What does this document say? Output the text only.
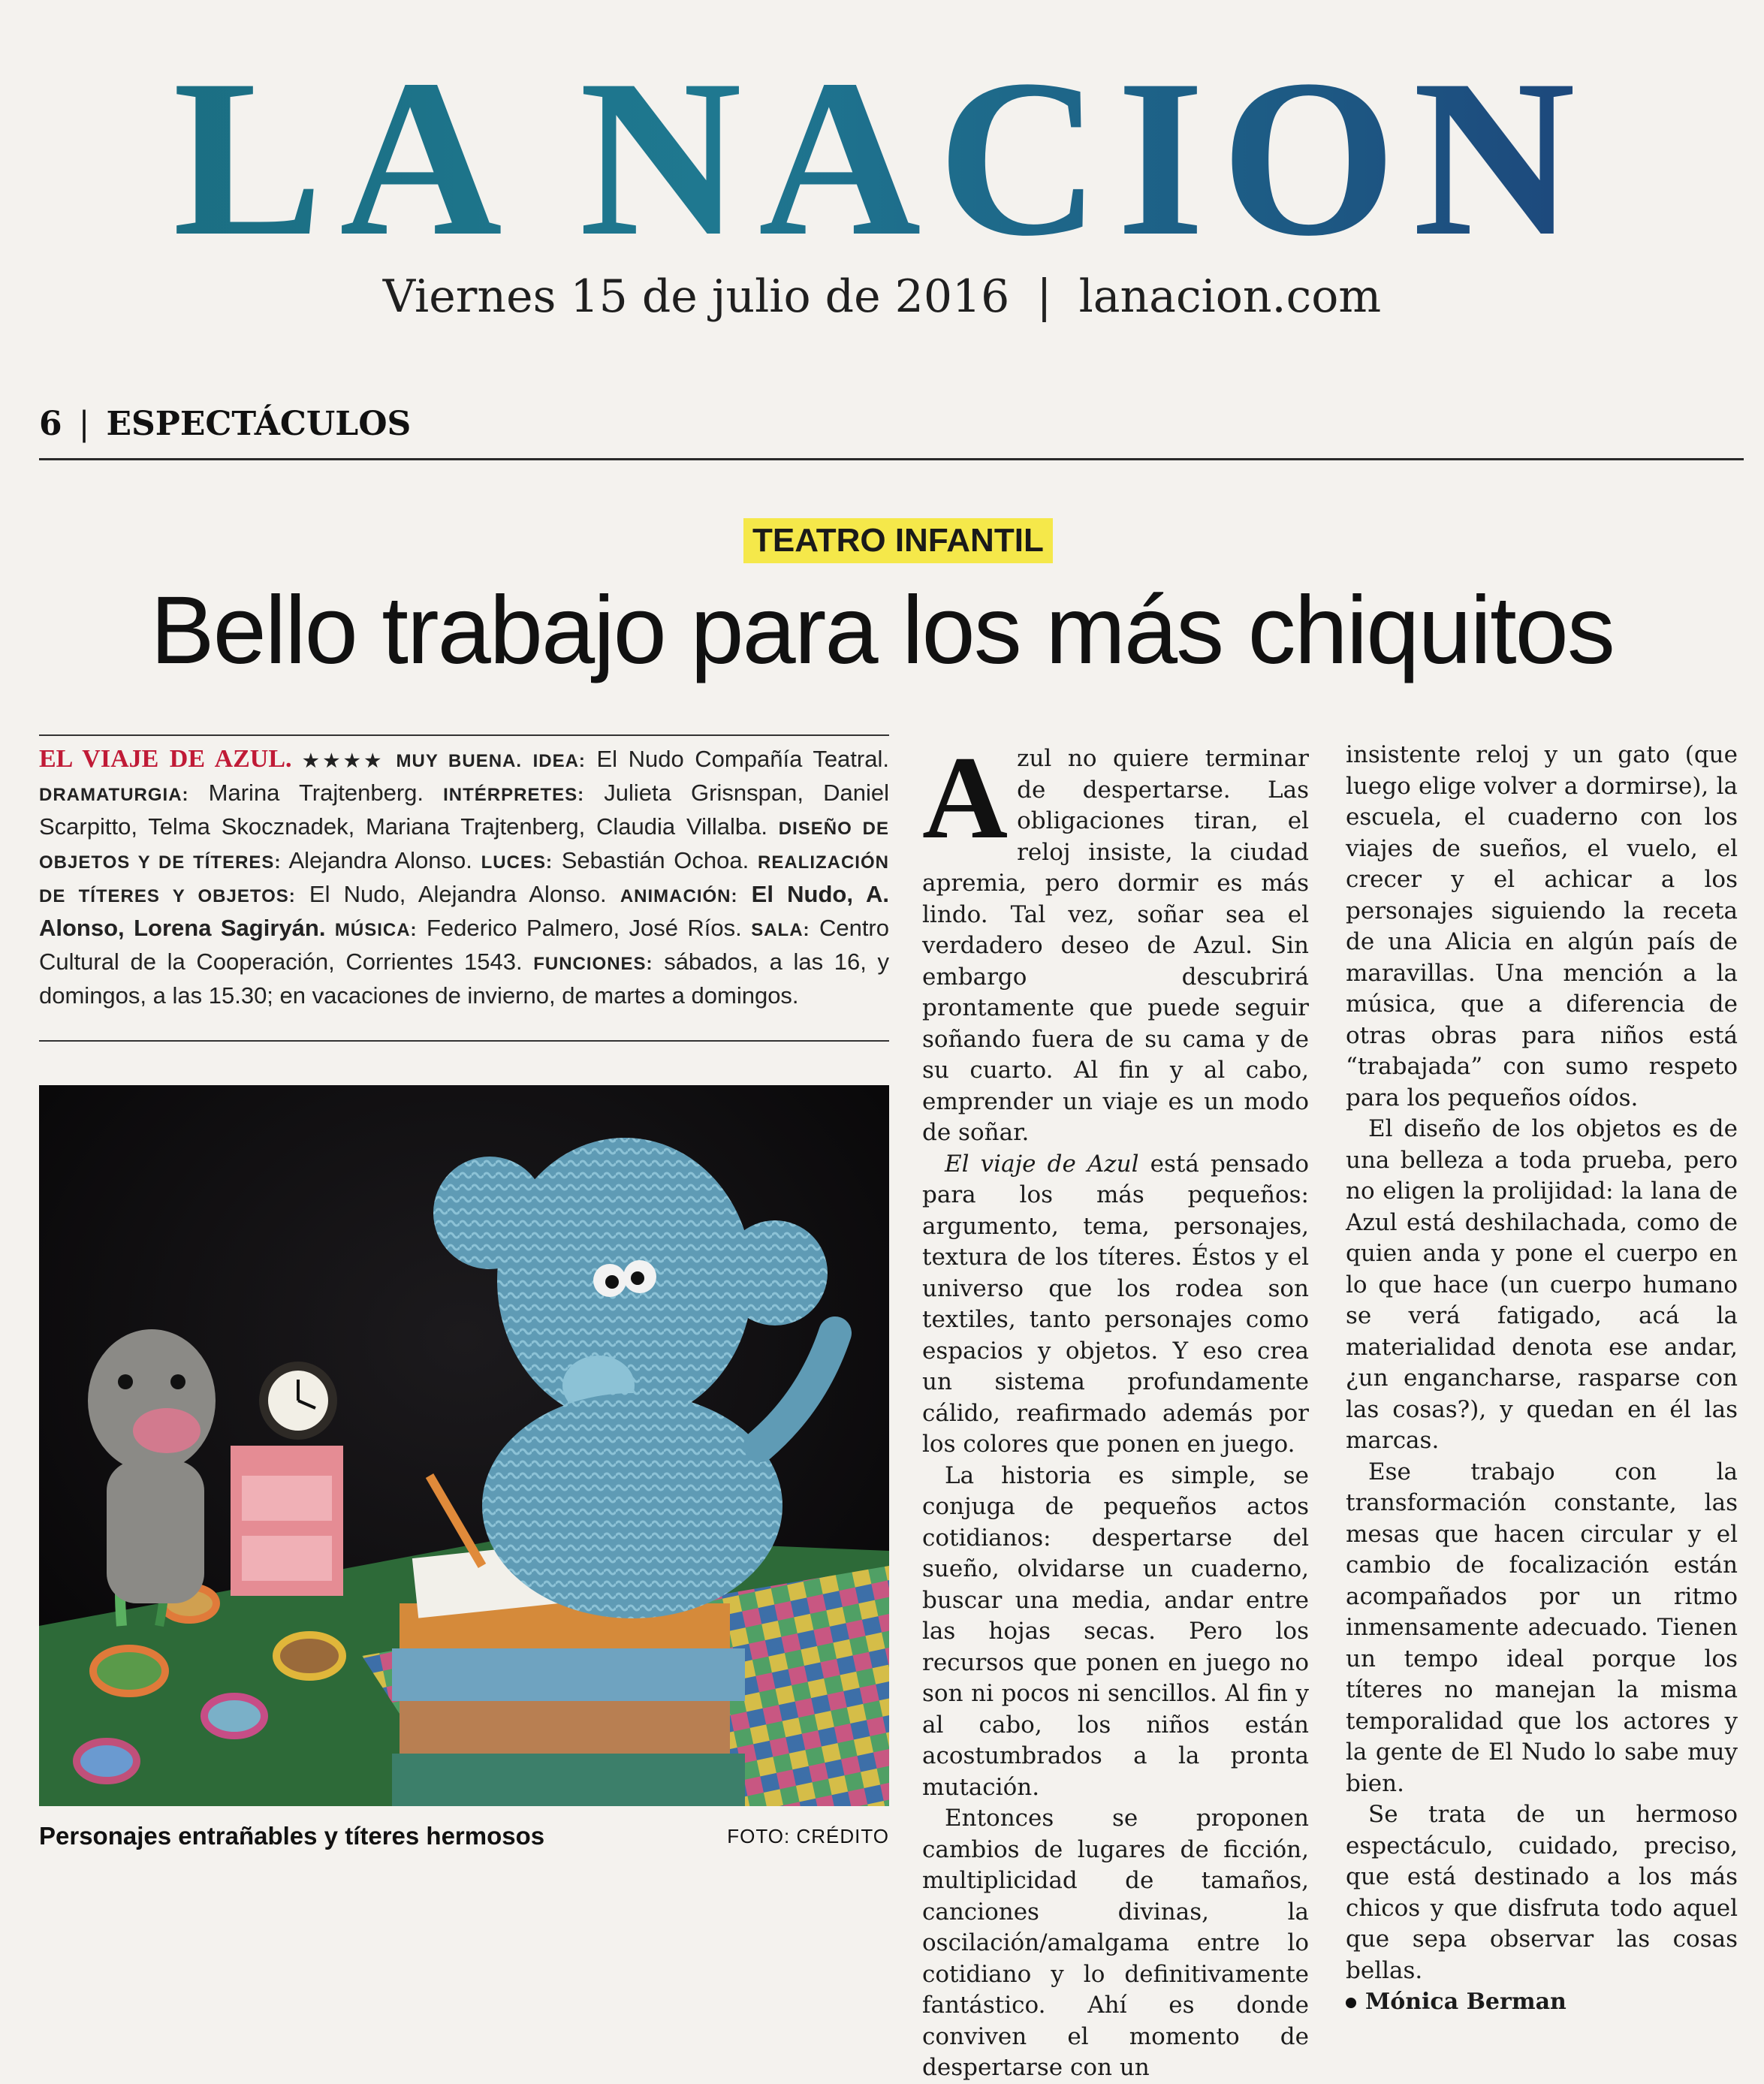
LA NACION
Viernes 15 de julio de 2016 | lanacion.com
6 | ESPECTÁCULOS
TEATRO INFANTIL
Bello trabajo para los más chiquitos
EL VIAJE DE AZUL. ★★★★ MUY BUENA. IDEA: El Nudo Compañía Teatral. DRAMATURGIA: Marina Trajtenberg. INTÉRPRETES: Julieta Grisnspan, Daniel Scarpitto, Telma Skocznadek, Mariana Trajtenberg, Claudia Villalba. DISEÑO DE OBJETOS Y DE TÍTERES: Alejandra Alonso. LUCES: Sebastián Ochoa. REALIZACIÓN DE TÍTERES Y OBJETOS: El Nudo, Alejandra Alonso. ANIMACIÓN: El Nudo, A. Alonso, Lorena Sagiryán. MÚSICA: Federico Palmero, José Ríos. SALA: Centro Cultural de la Cooperación, Corrientes 1543. FUNCIONES: sábados, a las 16, y domingos, a las 15.30; en vacaciones de invierno, de martes a domingos.
Personajes entrañables y títeres hermosos	FOTO: CRÉDITO

Azul no quiere terminar de despertarse. Las obligaciones tiran, el reloj insiste, la ciudad apremia, pero dormir es más lindo. Tal vez, soñar sea el verdadero deseo de Azul. Sin embargo descubrirá prontamente que puede seguir soñando fuera de su cama y de su cuarto. Al fin y al cabo, emprender un viaje es un modo de soñar.

El viaje de Azul está pensado para los más pequeños: argumento, tema, personajes, textura de los títeres. Éstos y el universo que los rodea son textiles, tanto personajes como espacios y objetos. Y eso crea un sistema profundamente cálido, reafirmado además por los colores que ponen en juego.

La historia es simple, se conjuga de pequeños actos cotidianos: despertarse del sueño, olvidarse un cuaderno, buscar una media, andar entre las hojas secas. Pero los recursos que ponen en juego no son ni pocos ni sencillos. Al fin y al cabo, los niños están acostumbrados a la pronta mutación.

Entonces se proponen cambios de lugares de ficción, multiplicidad de tamaños, canciones divinas, la oscilación/amalgama entre lo cotidiano y lo definitivamente fantástico. Ahí es donde conviven el momento de despertarse con un

insistente reloj y un gato (que luego elige volver a dormirse), la escuela, el cuaderno con los viajes de sueños, el vuelo, el crecer y el achicar a los personajes siguiendo la receta de una Alicia en algún país de maravillas. Una mención a la música, que a diferencia de otras obras para niños está “trabajada” con sumo respeto para los pequeños oídos.

El diseño de los objetos es de una belleza a toda prueba, pero no eligen la prolijidad: la lana de Azul está deshilachada, como de quien anda y pone el cuerpo en lo que hace (un cuerpo humano se verá fatigado, acá la materialidad denota ese andar, ¿un engancharse, rasparse con las cosas?), y quedan en él las marcas.

Ese trabajo con la transformación constante, las mesas que hacen circular y el cambio de focalización están acompañados por un ritmo inmensamente adecuado. Tienen un tempo ideal porque los títeres no manejan la misma temporalidad que los actores y la gente de El Nudo lo sabe muy bien.

Se trata de un hermoso espectáculo, cuidado, preciso, que está destinado a los más chicos y que disfruta todo aquel que sepa observar las cosas bellas.

Mónica Berman
